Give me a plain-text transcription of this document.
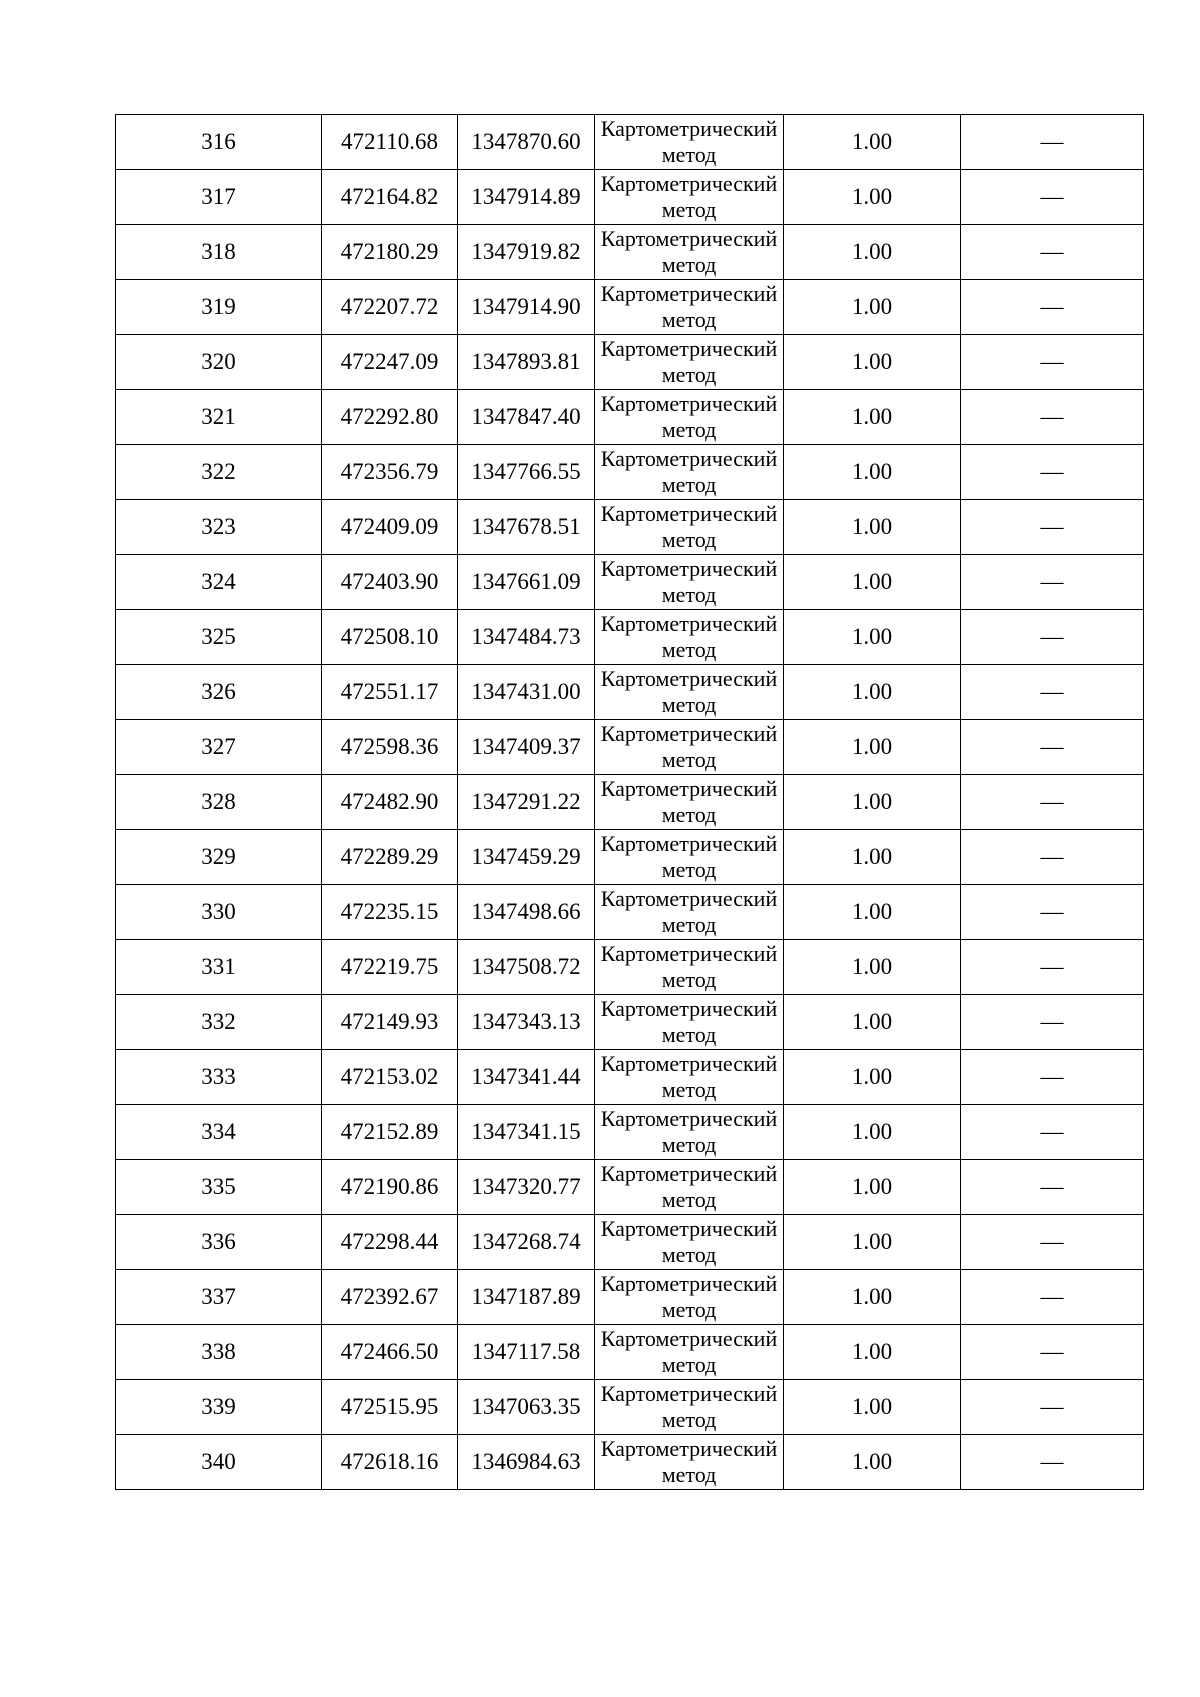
316	472110.68	1347870.60	Картометрический метод	1.00	—
317	472164.82	1347914.89	Картометрический метод	1.00	—
318	472180.29	1347919.82	Картометрический метод	1.00	—
319	472207.72	1347914.90	Картометрический метод	1.00	—
320	472247.09	1347893.81	Картометрический метод	1.00	—
321	472292.80	1347847.40	Картометрический метод	1.00	—
322	472356.79	1347766.55	Картометрический метод	1.00	—
323	472409.09	1347678.51	Картометрический метод	1.00	—
324	472403.90	1347661.09	Картометрический метод	1.00	—
325	472508.10	1347484.73	Картометрический метод	1.00	—
326	472551.17	1347431.00	Картометрический метод	1.00	—
327	472598.36	1347409.37	Картометрический метод	1.00	—
328	472482.90	1347291.22	Картометрический метод	1.00	—
329	472289.29	1347459.29	Картометрический метод	1.00	—
330	472235.15	1347498.66	Картометрический метод	1.00	—
331	472219.75	1347508.72	Картометрический метод	1.00	—
332	472149.93	1347343.13	Картометрический метод	1.00	—
333	472153.02	1347341.44	Картометрический метод	1.00	—
334	472152.89	1347341.15	Картометрический метод	1.00	—
335	472190.86	1347320.77	Картометрический метод	1.00	—
336	472298.44	1347268.74	Картометрический метод	1.00	—
337	472392.67	1347187.89	Картометрический метод	1.00	—
338	472466.50	1347117.58	Картометрический метод	1.00	—
339	472515.95	1347063.35	Картометрический метод	1.00	—
340	472618.16	1346984.63	Картометрический метод	1.00	—
